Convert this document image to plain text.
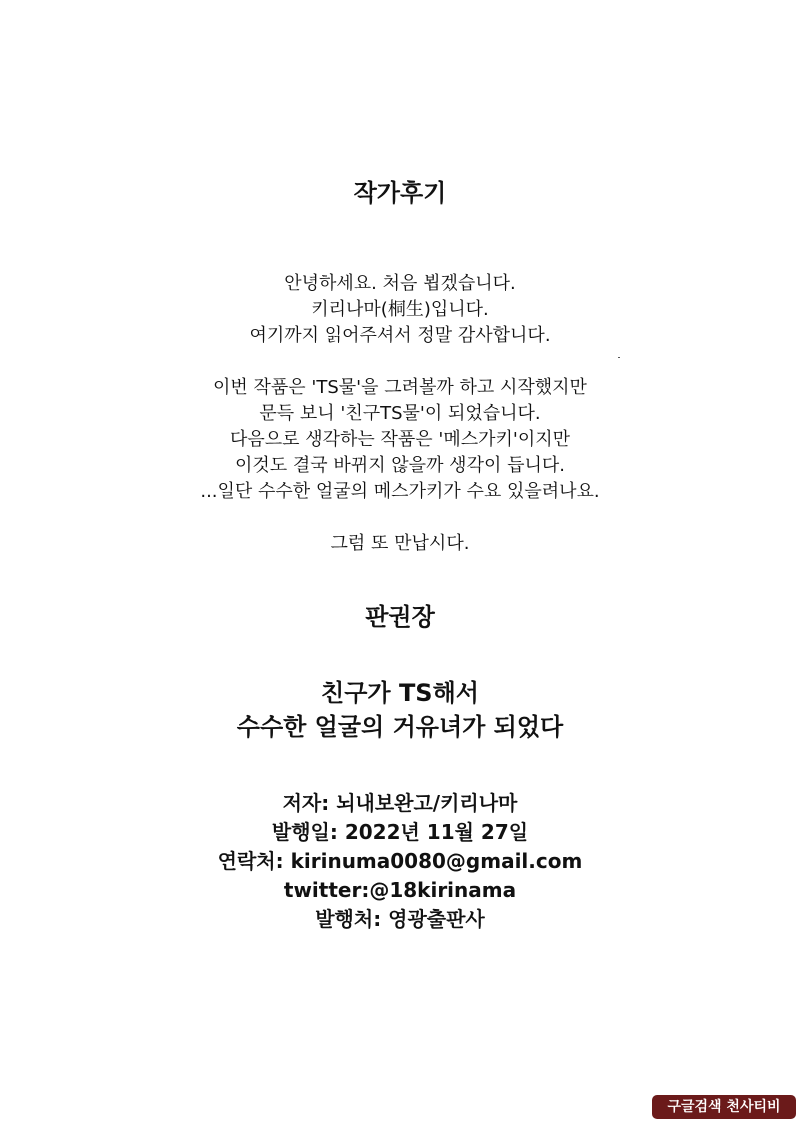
작가후기
안녕하세요. 처음 뵙겠습니다.
키리나마(桐生)입니다.
여기까지 읽어주셔서 정말 감사합니다.
이번 작품은 'TS물'을 그려볼까 하고 시작했지만
문득 보니 '친구TS물'이 되었습니다.
다음으로 생각하는 작품은 '메스가키'이지만
이것도 결국 바뀌지 않을까 생각이 듭니다.
...일단 수수한 얼굴의 메스가키가 수요 있을려나요.
그럼 또 만납시다.
판권장
친구가 TS해서
수수한 얼굴의 거유녀가 되었다
저자: 뇌내보완고/키리나마
발행일: 2022년 11월 27일
연락처: kirinuma0080@gmail.com
twitter:@18kirinama
발행처: 영광출판사
구글검색 천사티비
